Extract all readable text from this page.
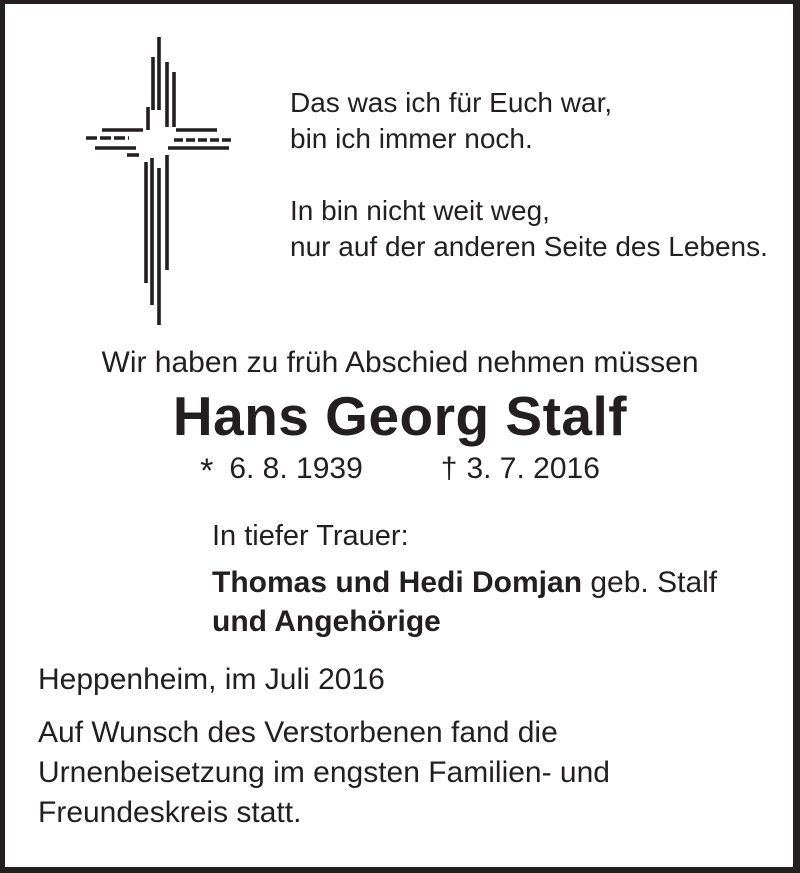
Das was ich für Euch war,
bin ich immer noch.
In bin nicht weit weg,
nur auf der anderen Seite des Lebens.
Wir haben zu früh Abschied nehmen müssen
Hans Georg Stalf
* 6. 8. 1939	† 3. 7. 2016
In tiefer Trauer:
Thomas und Hedi Domjan geb. Stalf
und Angehörige
Heppenheim, im Juli 2016
Auf Wunsch des Verstorbenen fand die
Urnenbeisetzung im engsten Familien- und
Freundeskreis statt.
